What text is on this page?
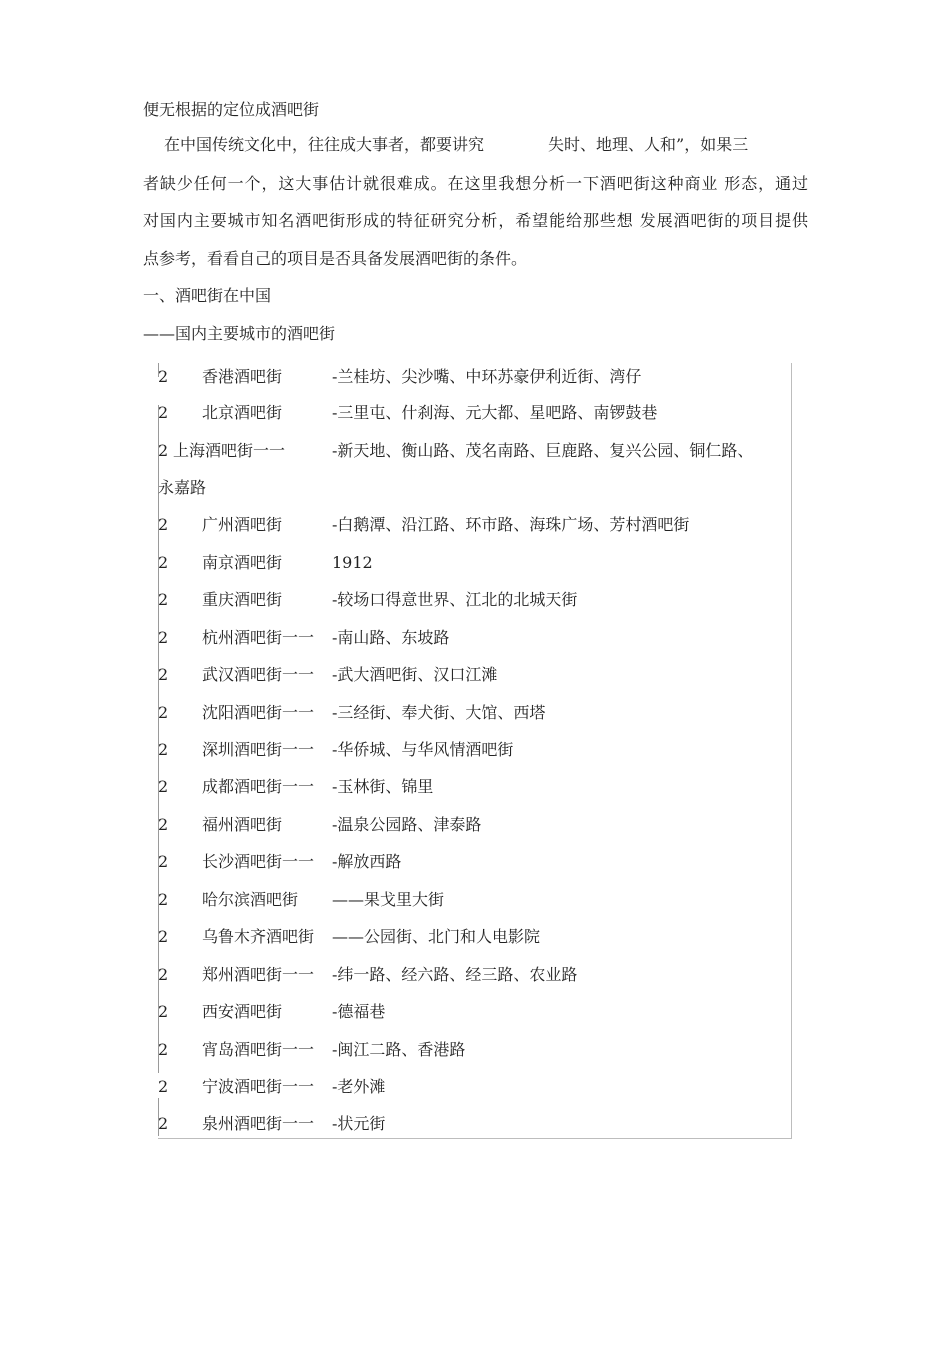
便无根据的定位成酒吧街
在中国传统文化中，往往成大事者，都要讲究	失时、地理、人和”，如果三
者缺少任何一个，这大事估计就很难成。在这里我想分析一下酒吧街这种商业 形态，通过
对国内主要城市知名酒吧街形成的特征研究分析，希望能给那些想 发展酒吧街的项目提供
点参考，看看自己的项目是否具备发展酒吧街的条件。
一、酒吧街在中国
——国内主要城市的酒吧街
2 香港酒吧街	-兰桂坊、尖沙嘴、中环苏豪伊利近街、湾仔
2 北京酒吧街	-三里屯、什刹海、元大都、星吧路、南锣鼓巷
2 上海酒吧街一一	-新天地、衡山路、茂名南路、巨鹿路、复兴公园、铜仁路、
永嘉路
2 广州酒吧街	-白鹅潭、沿江路、环市路、海珠广场、芳村酒吧街
2 南京酒吧街	1912
2 重庆酒吧街	-较场口得意世界、江北的北城天街
2 杭州酒吧街一一 -南山路、东坡路
2 武汉酒吧街一一 -武大酒吧街、汉口江滩
2 沈阳酒吧街一一 -三经街、奉犬街、大馆、西塔
2 深圳酒吧街一一 -华侨城、与华风情酒吧街
2 成都酒吧街一一 -玉林街、锦里
2 福州酒吧街	-温泉公园路、津泰路
2 长沙酒吧街一一 -解放西路
2 哈尔滨酒吧街 ——果戈里大街
2 乌鲁木齐酒吧街 ——公园街、北门和人电影院
2 郑州酒吧街一一 -纬一路、经六路、经三路、农业路
2 西安酒吧街	-德福巷
2 宵岛酒吧街一一 -闽江二路、香港路
2 宁波酒吧街一一 -老外滩
2 泉州酒吧街一一 -状元街
